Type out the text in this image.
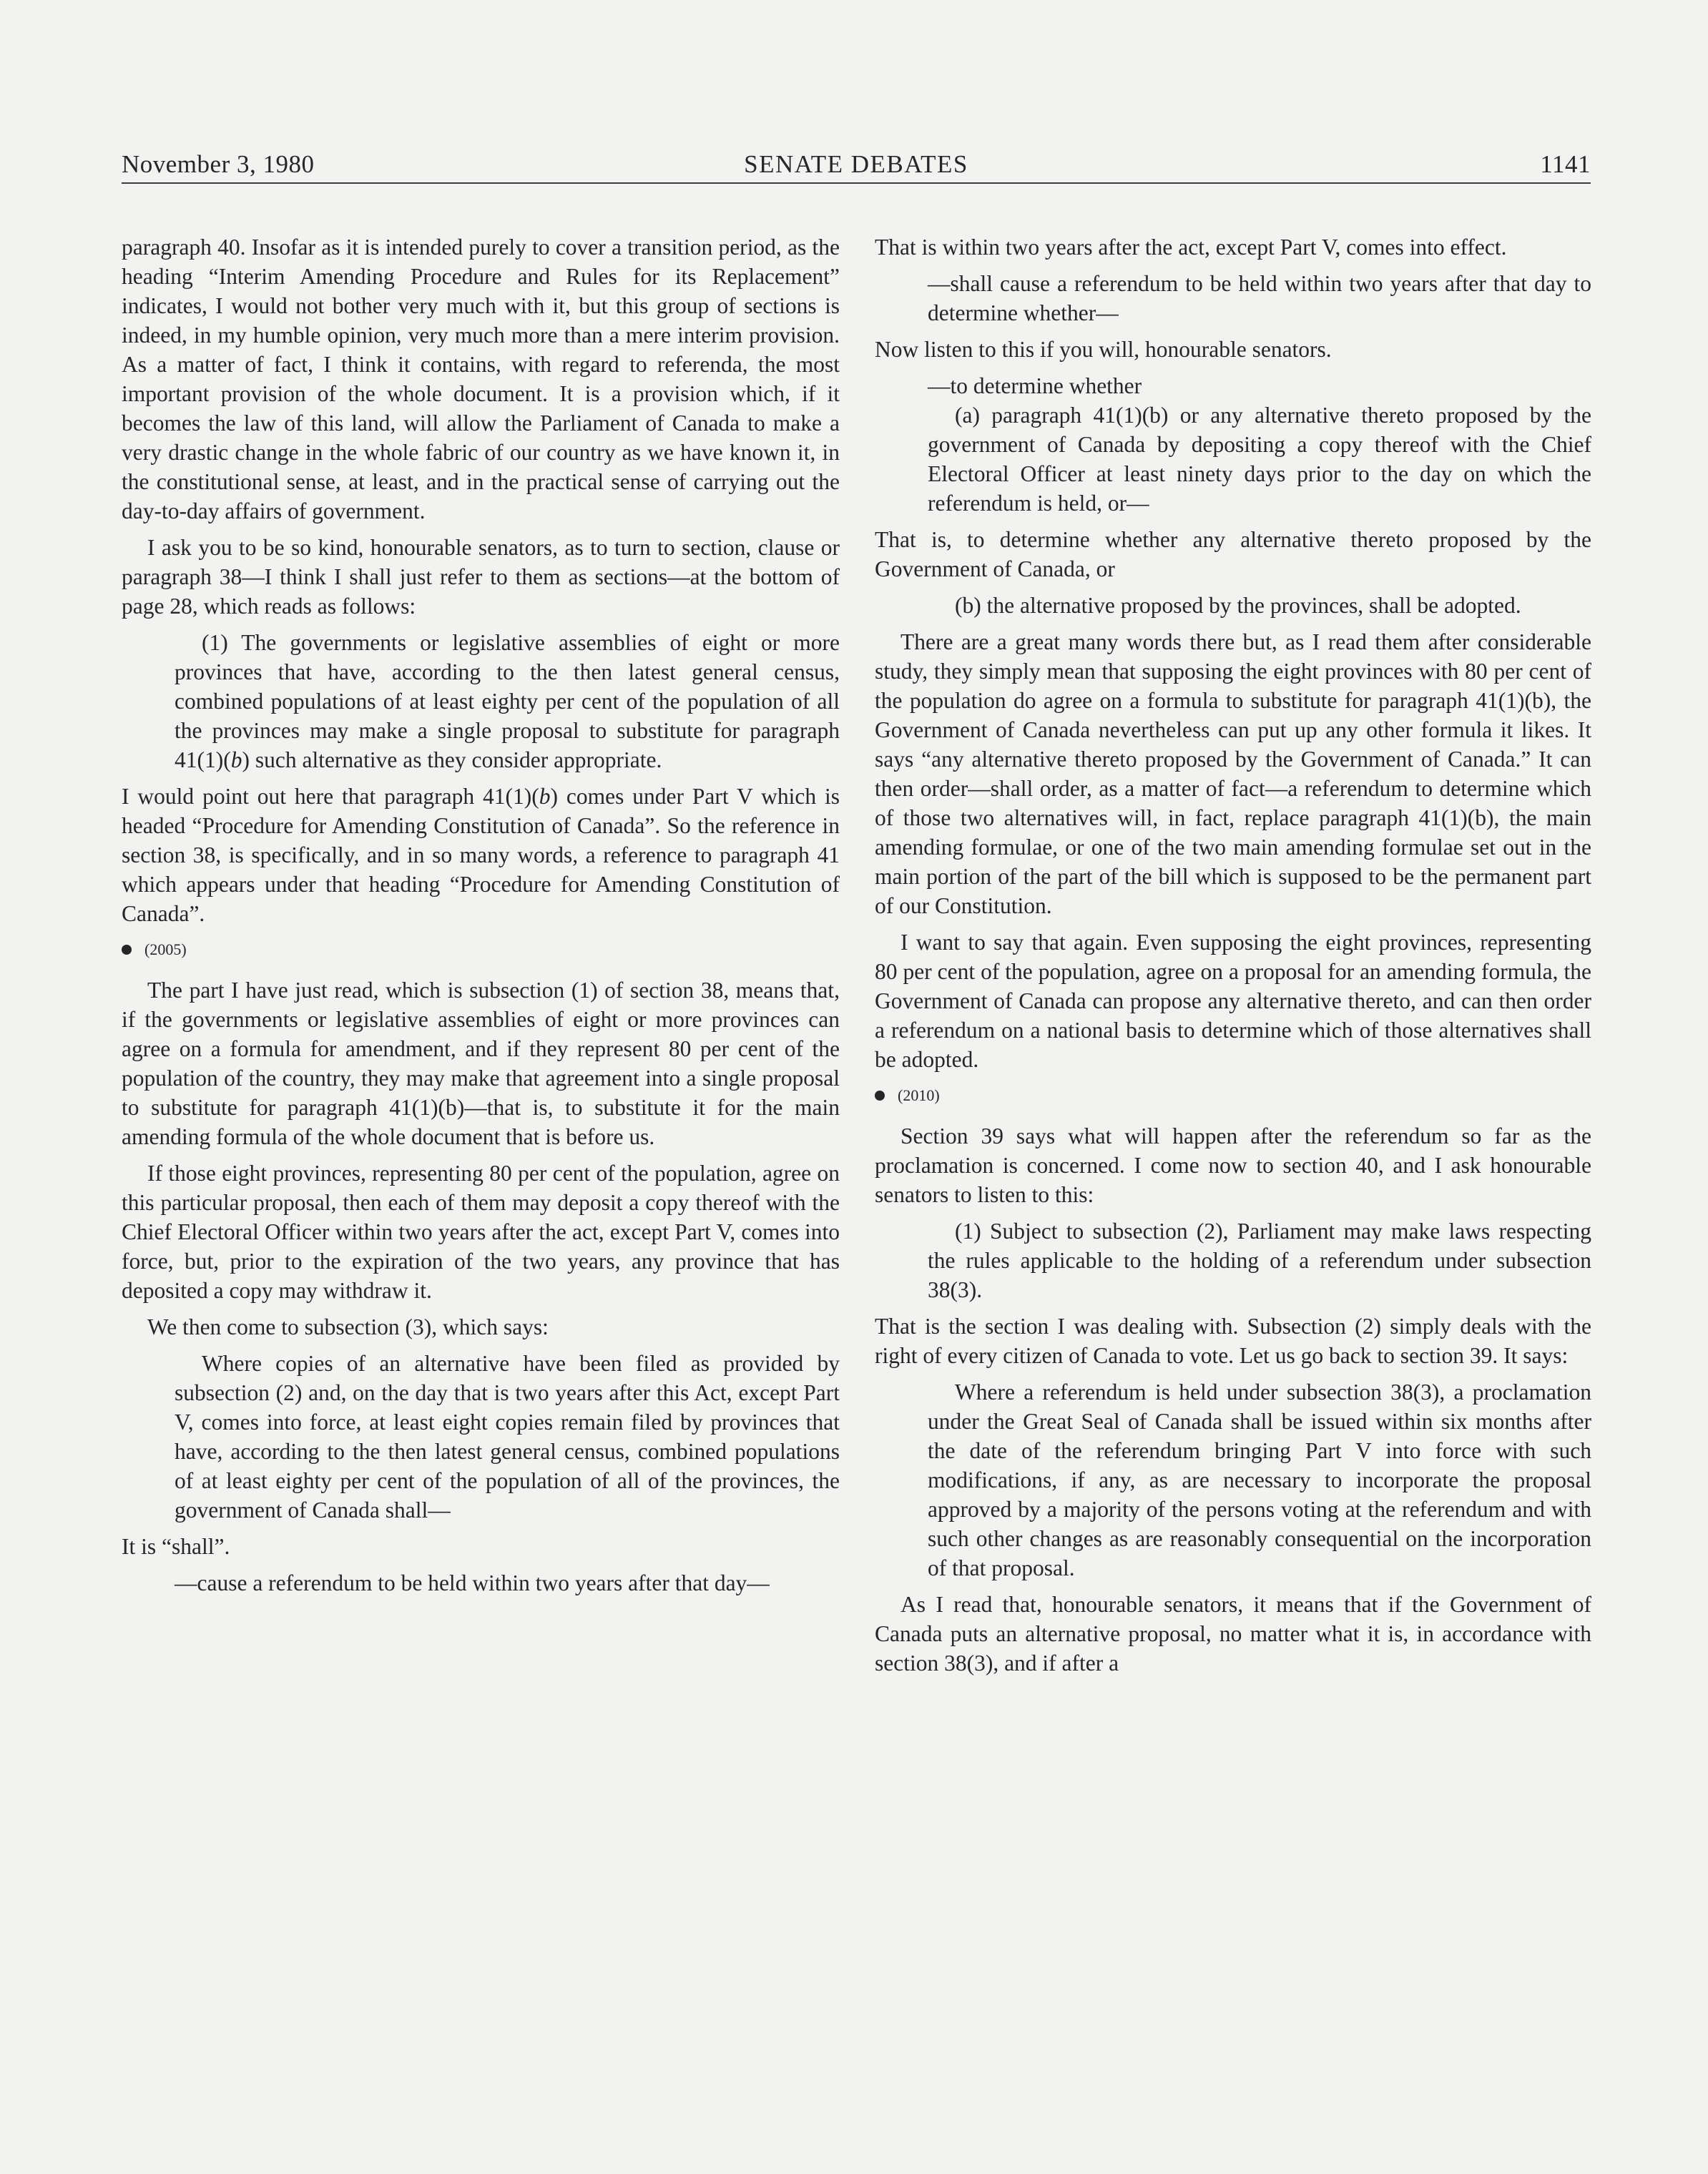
November 3, 1980	SENATE DEBATES	1141

paragraph 40. Insofar as it is intended purely to cover a transition period, as the heading “Interim Amending Procedure and Rules for its Replacement” indicates, I would not bother very much with it, but this group of sections is indeed, in my humble opinion, very much more than a mere interim provision. As a matter of fact, I think it contains, with regard to referenda, the most important provision of the whole document. It is a provision which, if it becomes the law of this land, will allow the Parliament of Canada to make a very drastic change in the whole fabric of our country as we have known it, in the constitutional sense, at least, and in the practical sense of carrying out the day-to-day affairs of government.

I ask you to be so kind, honourable senators, as to turn to section, clause or paragraph 38—I think I shall just refer to them as sections—at the bottom of page 28, which reads as follows:

(1) The governments or legislative assemblies of eight or more provinces that have, according to the then latest general census, combined populations of at least eighty per cent of the population of all the provinces may make a single proposal to substitute for paragraph 41(1)(b) such alternative as they consider appropriate.

I would point out here that paragraph 41(1)(b) comes under Part V which is headed “Procedure for Amending Constitution of Canada”. So the reference in section 38, is specifically, and in so many words, a reference to paragraph 41 which appears under that heading “Procedure for Amending Constitution of Canada”.

(2005)

The part I have just read, which is subsection (1) of section 38, means that, if the governments or legislative assemblies of eight or more provinces can agree on a formula for amendment, and if they represent 80 per cent of the population of the country, they may make that agreement into a single proposal to substitute for paragraph 41(1)(b)—that is, to substitute it for the main amending formula of the whole document that is before us.

If those eight provinces, representing 80 per cent of the population, agree on this particular proposal, then each of them may deposit a copy thereof with the Chief Electoral Officer within two years after the act, except Part V, comes into force, but, prior to the expiration of the two years, any province that has deposited a copy may withdraw it.

We then come to subsection (3), which says:

Where copies of an alternative have been filed as provided by subsection (2) and, on the day that is two years after this Act, except Part V, comes into force, at least eight copies remain filed by provinces that have, according to the then latest general census, combined populations of at least eighty per cent of the population of all of the provinces, the government of Canada shall—

It is “shall”.

—cause a referendum to be held within two years after that day—

That is within two years after the act, except Part V, comes into effect.

—shall cause a referendum to be held within two years after that day to determine whether—

Now listen to this if you will, honourable senators.

—to determine whether
(a) paragraph 41(1)(b) or any alternative thereto proposed by the government of Canada by depositing a copy thereof with the Chief Electoral Officer at least ninety days prior to the day on which the referendum is held, or—

That is, to determine whether any alternative thereto proposed by the Government of Canada, or

(b) the alternative proposed by the provinces, shall be adopted.

There are a great many words there but, as I read them after considerable study, they simply mean that supposing the eight provinces with 80 per cent of the population do agree on a formula to substitute for paragraph 41(1)(b), the Government of Canada nevertheless can put up any other formula it likes. It says “any alternative thereto proposed by the Government of Canada.” It can then order—shall order, as a matter of fact—a referendum to determine which of those two alternatives will, in fact, replace paragraph 41(1)(b), the main amending formulae, or one of the two main amending formulae set out in the main portion of the part of the bill which is supposed to be the permanent part of our Constitution.

I want to say that again. Even supposing the eight provinces, representing 80 per cent of the population, agree on a proposal for an amending formula, the Government of Canada can propose any alternative thereto, and can then order a referendum on a national basis to determine which of those alternatives shall be adopted.

(2010)

Section 39 says what will happen after the referendum so far as the proclamation is concerned. I come now to section 40, and I ask honourable senators to listen to this:

(1) Subject to subsection (2), Parliament may make laws respecting the rules applicable to the holding of a referendum under subsection 38(3).

That is the section I was dealing with. Subsection (2) simply deals with the right of every citizen of Canada to vote. Let us go back to section 39. It says:

Where a referendum is held under subsection 38(3), a proclamation under the Great Seal of Canada shall be issued within six months after the date of the referendum bringing Part V into force with such modifications, if any, as are necessary to incorporate the proposal approved by a majority of the persons voting at the referendum and with such other changes as are reasonably consequential on the incorporation of that proposal.

As I read that, honourable senators, it means that if the Government of Canada puts an alternative proposal, no matter what it is, in accordance with section 38(3), and if after a
